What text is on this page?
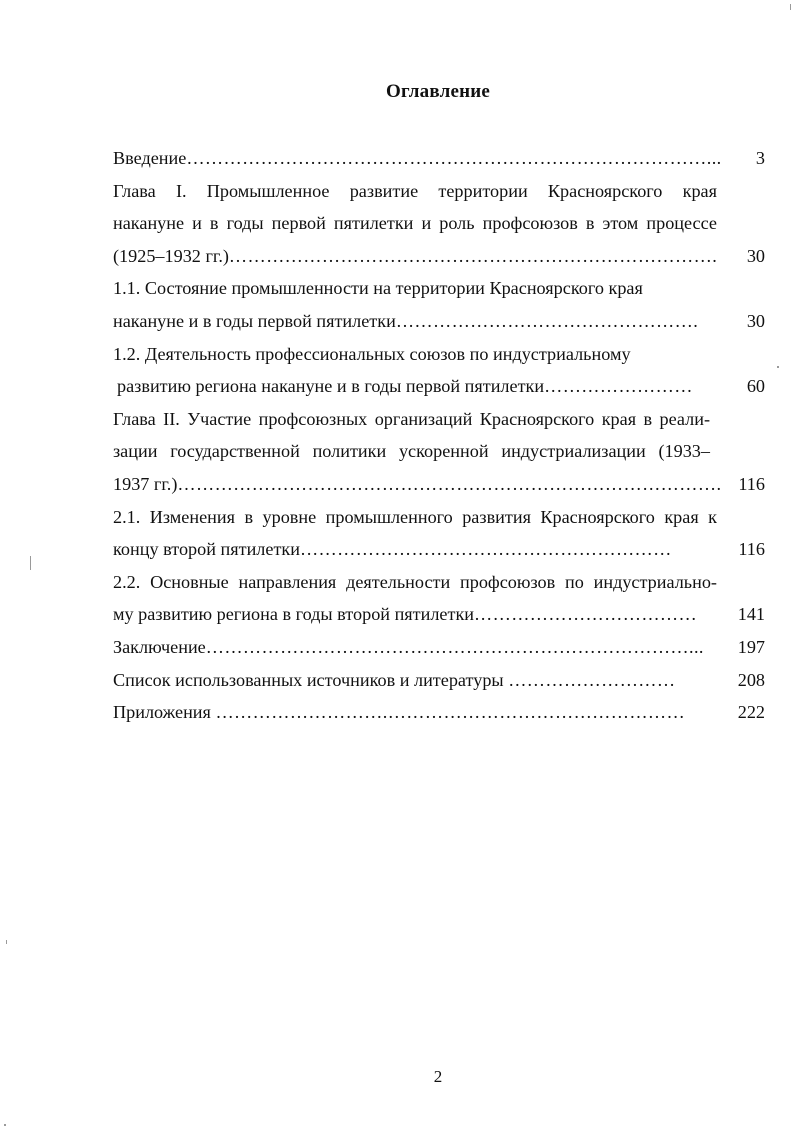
Оглавление
Введение…………………………………………………………………………... 3
Глава I. Промышленное развитие территории Красноярского края
накануне и в годы первой пятилетки и роль профсоюзов в этом процессе
(1925–1932 гг.)……………………………………………………………………. 30
1.1. Состояние промышленности на территории Красноярского края
накануне и в годы первой пятилетки………………………………………….	30
1.2. Деятельность профессиональных союзов по индустриальному
развитию региона накануне и в годы первой пятилетки……………………	60
Глава II. Участие профсоюзных организаций Красноярского края в реали-
зации государственной политики ускоренной индустриализации (1933–
1937 гг.)……………………………………………………………………………. 116
2.1. Изменения в уровне промышленного развития Красноярского края к
концу второй пятилетки……………………………………………………	116
2.2. Основные направления деятельности профсоюзов по индустриально-
му развитию региона в годы второй пятилетки……………………………… 141
Заключение……………………………………………………………………... 197
Список использованных источников и литературы ………………………	208
Приложения ……………………….…………………………………………	222
2
